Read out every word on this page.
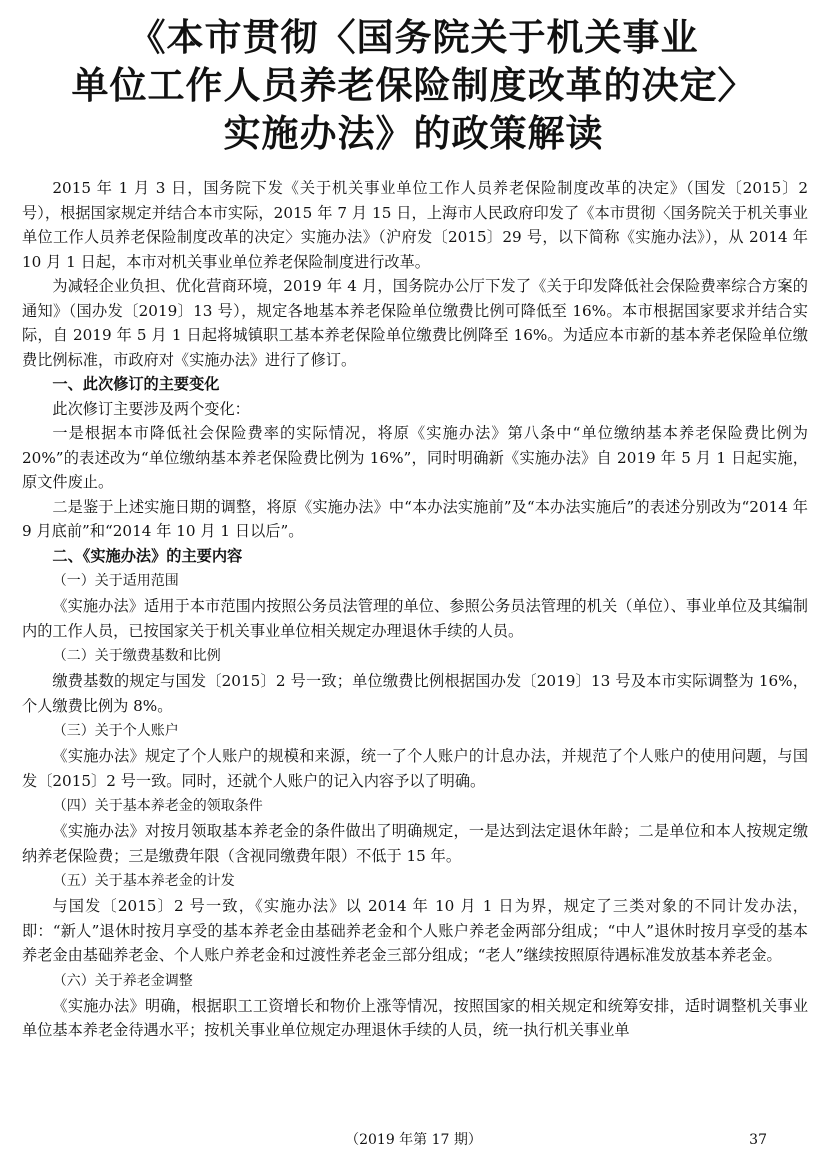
《本市贯彻〈国务院关于机关事业
单位工作人员养老保险制度改革的决定〉
实施办法》的政策解读

2015 年 1 月 3 日，国务院下发《关于机关事业单位工作人员养老保险制度改革的决定》（国发〔2015〕2 号），根据国家规定并结合本市实际，2015 年 7 月 15 日，上海市人民政府印发了《本市贯彻〈国务院关于机关事业单位工作人员养老保险制度改革的决定〉实施办法》（沪府发〔2015〕29 号，以下简称《实施办法》），从 2014 年 10 月 1 日起，本市对机关事业单位养老保险制度进行改革。

为减轻企业负担、优化营商环境，2019 年 4 月，国务院办公厅下发了《关于印发降低社会保险费率综合方案的通知》（国办发〔2019〕13 号），规定各地基本养老保险单位缴费比例可降低至 16%。本市根据国家要求并结合实际，自 2019 年 5 月 1 日起将城镇职工基本养老保险单位缴费比例降至 16%。为适应本市新的基本养老保险单位缴费比例标准，市政府对《实施办法》进行了修订。

一、此次修订的主要变化

此次修订主要涉及两个变化：

一是根据本市降低社会保险费率的实际情况，将原《实施办法》第八条中“单位缴纳基本养老保险费比例为 20%”的表述改为“单位缴纳基本养老保险费比例为 16%”，同时明确新《实施办法》自 2019 年 5 月 1 日起实施，原文件废止。

二是鉴于上述实施日期的调整，将原《实施办法》中“本办法实施前”及“本办法实施后”的表述分别改为“2014 年 9 月底前”和“2014 年 10 月 1 日以后”。

二、《实施办法》的主要内容

（一）关于适用范围

《实施办法》适用于本市范围内按照公务员法管理的单位、参照公务员法管理的机关（单位）、事业单位及其编制内的工作人员，已按国家关于机关事业单位相关规定办理退休手续的人员。

（二）关于缴费基数和比例

缴费基数的规定与国发〔2015〕2 号一致；单位缴费比例根据国办发〔2019〕13 号及本市实际调整为 16%，个人缴费比例为 8%。

（三）关于个人账户

《实施办法》规定了个人账户的规模和来源，统一了个人账户的计息办法，并规范了个人账户的使用问题，与国发〔2015〕2 号一致。同时，还就个人账户的记入内容予以了明确。

（四）关于基本养老金的领取条件

《实施办法》对按月领取基本养老金的条件做出了明确规定，一是达到法定退休年龄；二是单位和本人按规定缴纳养老保险费；三是缴费年限（含视同缴费年限）不低于 15 年。

（五）关于基本养老金的计发

与国发〔2015〕2 号一致，《实施办法》以 2014 年 10 月 1 日为界，规定了三类对象的不同计发办法，即：“新人”退休时按月享受的基本养老金由基础养老金和个人账户养老金两部分组成；“中人”退休时按月享受的基本养老金由基础养老金、个人账户养老金和过渡性养老金三部分组成；“老人”继续按照原待遇标准发放基本养老金。

（六）关于养老金调整

《实施办法》明确，根据职工工资增长和物价上涨等情况，按照国家的相关规定和统筹安排，适时调整机关事业单位基本养老金待遇水平；按机关事业单位规定办理退休手续的人员，统一执行机关事业单

（2019 年第 17 期）	37
